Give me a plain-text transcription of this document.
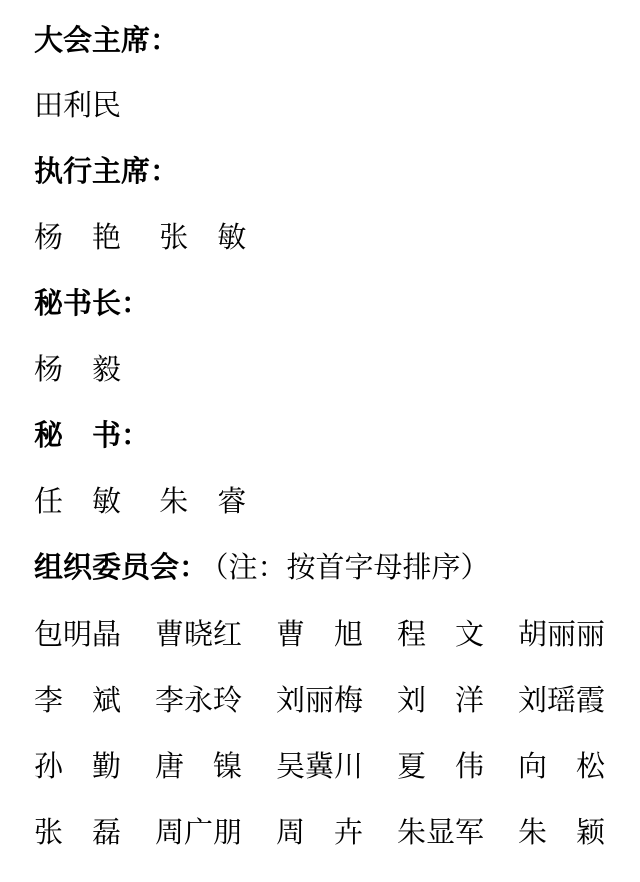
大会主席：
田利民
执行主席：
杨　艳 张　敏
秘书长：
杨　毅
秘　书：
任　敏 朱　睿
组织委员会： （注：按首字母排序）
包明晶	曹晓红	曹　旭	程　文	胡丽丽
李　斌	李永玲	刘丽梅	刘　洋	刘瑶霞
孙　勤	唐　镍	吴冀川	夏　伟	向　松
张　磊	周广朋	周　卉	朱显军	朱　颖
